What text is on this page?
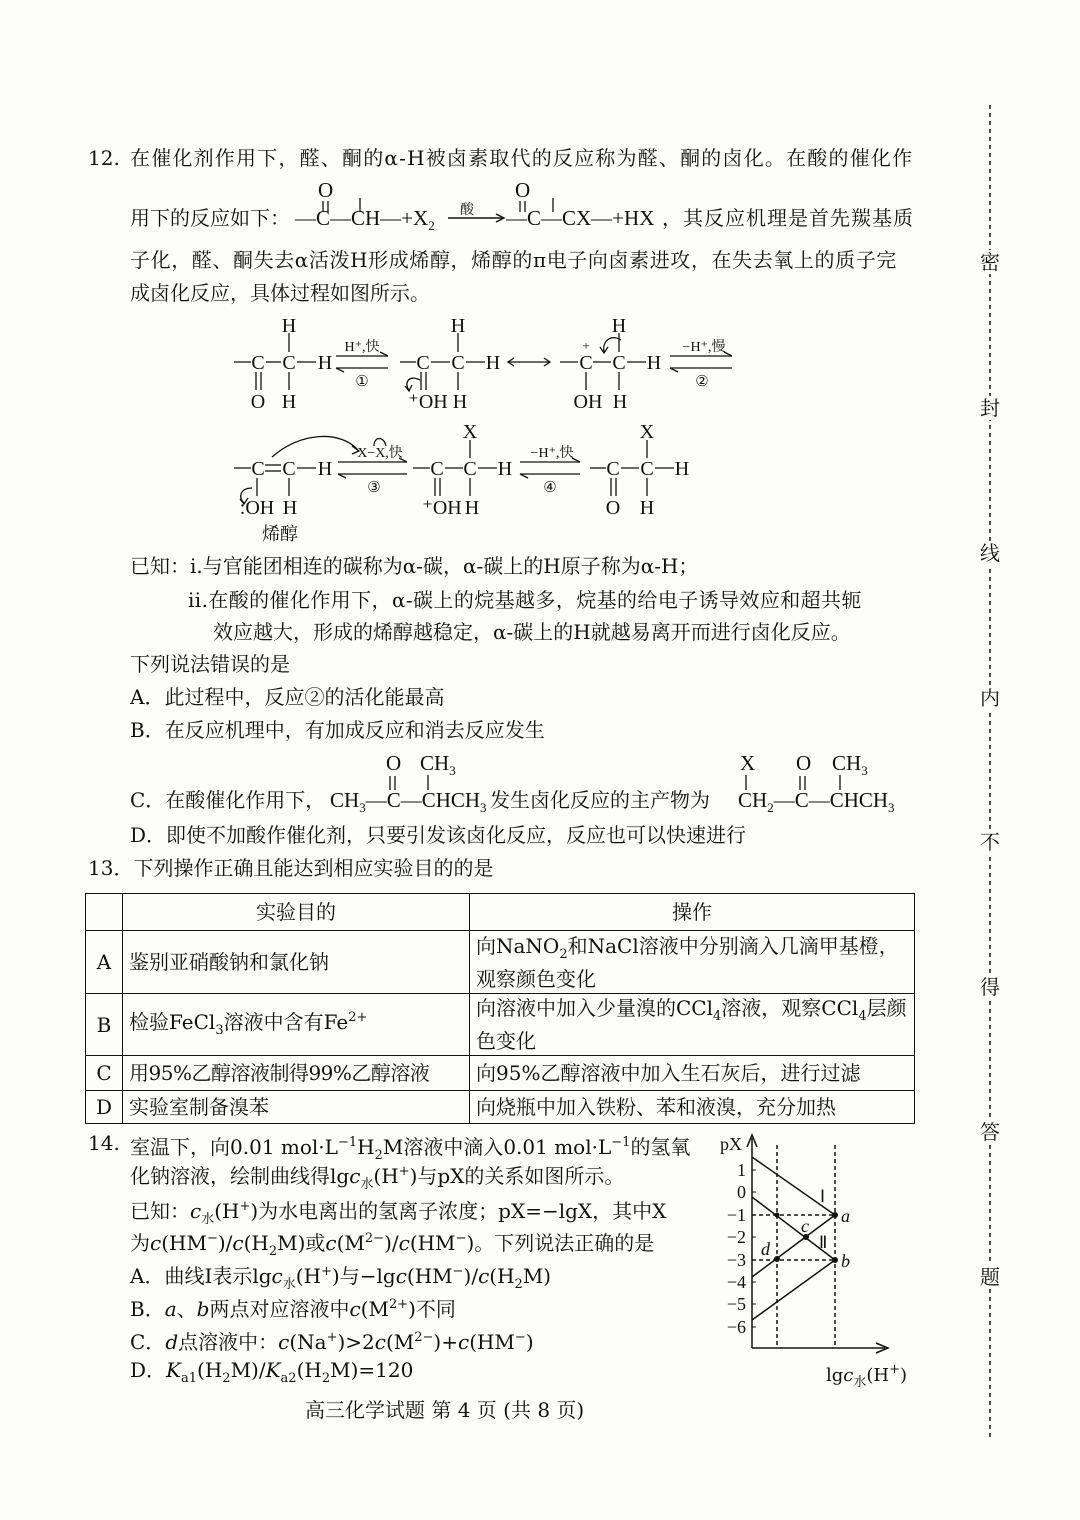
12. 在催化剂作用下，醛、酮的α-H被卤素取代的反应称为醛、酮的卤化。在酸的催化作
用下的反应如下： $—C—CH—+X_2$
O
酸 —C—CX—+HX
O
，其反应机理是首先羰基质
子化，醛、酮失去α活泼H形成烯醇，烯醇的π电子向卤素进攻，在失去氧上的质子完
成卤化反应，具体过程如图所示。
C C H
H
O H
H⁺,快
①
C C H
H
⁺OH H
C
+
C H
H
OH H
−H⁺,慢
②
C C H
:OH H
烯醇
X−X,快
③
C C H
X
⁺OH H
−H⁺,快
④
C C H
X
O H
已知：i.与官能团相连的碳称为α-碳，α-碳上的H原子称为α-H；
ii.在酸的催化作用下，α-碳上的烷基越多，烷基的给电子诱导效应和超共轭
效应越大，形成的烯醇越稳定，α-碳上的H就越易离开而进行卤化反应。
下列说法错误的是
A．此过程中，反应②的活化能最高
B．在反应机理中，有加成反应和消去反应发生
C．在酸催化作用下， $CH_3—C—CHCH_3$
O $CH_3$
发生卤化反应的主产物为 $CH_2—C—CHCH_3$
X O $CH_3$
D．即使不加酸作催化剂，只要引发该卤化反应，反应也可以快速进行
13．下列操作正确且能达到相应实验目的的是
	实验目的	操作
A	鉴别亚硝酸钠和氯化钠	向NaNO$_2$和NaCl溶液中分别滴入几滴甲基橙，观察颜色变化
B	检验FeCl$_3$溶液中含有$Fe^{2+}$	向溶液中加入少量溴的CCl$_4$溶液，观察CCl$_4$层颜色变化
C	用95%乙醇溶液制得99%乙醇溶液	向95%乙醇溶液中加入生石灰后，进行过滤
D	实验室制备溴苯	向烧瓶中加入铁粉、苯和液溴，充分加热
14. 室温下，向0.01 $mol\cdot L^{-1}H_2M$溶液中滴入0.01 $mol\cdot L^{-1}$的氢氧
化钠溶液，绘制曲线得lgc$_水$(H+)与pX的关系如图所示。
已知：$c_水(H^+)$为水电离出的氢离子浓度；pX=−lgX，其中X
为$c(HM^-)/c(H_2M)$或$c(M^{2-})/c(HM^-)$。下列说法正确的是
A．曲线Ⅰ表示lgc$_水$(H+)与$-\lg c(HM^-)/c(H_2M)$
B．a、b两点对应溶液中$c(M^{2+})$不同
C．d点溶液中：$c(Na^+)>2c(M^{2-})+c(HM^-)$
D．$K_{a1}(H_2M)/K_{a2}(H_2M)=120$
1
0
−1
−2
−3
−4
−5
−6
pX
Ⅰ
Ⅱ
a
b
c
d
lgc$_水$(H+)
高三化学试题 第 4 页 (共 8 页)
密
封
线
内
不
得
答
题
